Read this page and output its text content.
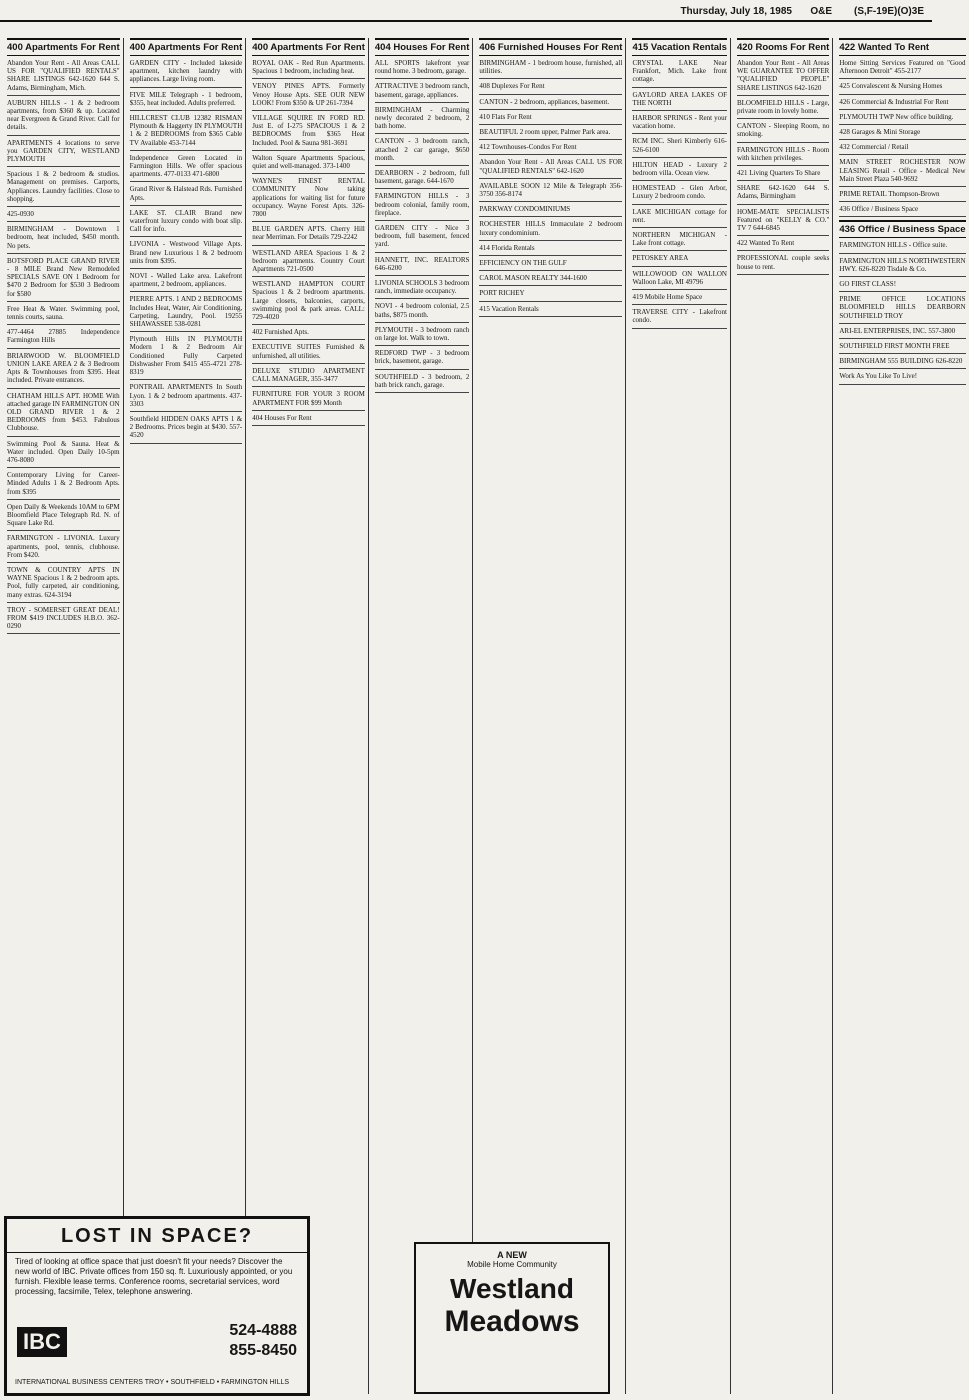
Thursday, July 18, 1985 O&E (S,F-19E)(O)3E
400 Apartments For Rent
Abandon Your Rent - All Areas CALL US FOR "QUALIFIED RENTALS" SHARE LISTINGS 642-1620 644 S. Adams, Birmingham, Mich.
AUBURN HILLS - 1 & 2 bedroom apartments, from $360 & up. Located near Evergreen & Grand River. Call for details.
APARTMENTS 4 locations to serve you GARDEN CITY, WESTLAND PLYMOUTH
Spacious 1 & 2 bedroom & studios. Management on premises. Carports, Appliances. Laundry facilities. Close to shopping.
425-0930
BIRMINGHAM - Downtown 1 bedroom, heat included, $450 month. No pets.
BOTSFORD PLACE GRAND RIVER - 8 MILE Brand New Remodeled SPECIALS SAVE ON 1 Bedroom for $470 2 Bedroom for $530 3 Bedroom for $580
Free Heat & Water. Swimming pool, tennis courts, sauna.
477-4464 27885 Independence Farmington Hills
BRIARWOOD W. BLOOMFIELD UNION LAKE AREA 2 & 3 Bedroom Apts & Townhouses from $395. Heat included. Private entrances.
CHATHAM HILLS APT. HOME With attached garage IN FARMINGTON ON OLD GRAND RIVER 1 & 2 BEDROOMS from $453. Fabulous Clubhouse.
Swimming Pool & Sauna. Heat & Water included. Open Daily 10-5pm 476-8080
Contemporary Living for Career-Minded Adults 1 & 2 Bedroom Apts. from $395
Open Daily & Weekends 10AM to 6PM Bloomfield Place Telegraph Rd. N. of Square Lake Rd.
FARMINGTON - LIVONIA. Luxury apartments, pool, tennis, clubhouse. From $420.
TOWN & COUNTRY APTS IN WAYNE Spacious 1 & 2 bedroom apts. Pool, fully carpeted, air conditioning, many extras. 624-3194
TROY - SOMERSET GREAT DEAL! FROM $419 INCLUDES H.B.O. 362-0290
400 Apartments For Rent
GARDEN CITY - Included lakeside apartment, kitchen laundry with appliances. Large living room.
FIVE MILE Telegraph - 1 bedroom, $355, heat included. Adults preferred.
HILLCREST CLUB 12382 RISMAN Plymouth & Haggerty IN PLYMOUTH 1 & 2 BEDROOMS from $365 Cable TV Available 453-7144
Independence Green Located in Farmington Hills. We offer spacious apartments. 477-0133 471-6800
Grand River & Halstead Rds. Furnished Apts.
LAKE ST. CLAIR Brand new waterfront luxury condo with boat slip. Call for info.
LIVONIA - Westwood Village Apts. Brand new Luxurious 1 & 2 bedroom units from $395.
NOVI - Walled Lake area. Lakefront apartment, 2 bedroom, appliances.
PIERRE APTS. 1 AND 2 BEDROOMS Includes Heat, Water, Air Conditioning, Carpeting, Laundry, Pool. 19255 SHIAWASSEE 538-0281
Plymouth Hills IN PLYMOUTH Modern 1 & 2 Bedroom Air Conditioned Fully Carpeted Dishwasher From $415 455-4721 278-8319
PONTRAIL APARTMENTS In South Lyon. 1 & 2 bedroom apartments. 437-3303
Southfield HIDDEN OAKS APTS 1 & 2 Bedrooms. Prices begin at $430. 557-4520
400 Apartments For Rent
ROYAL OAK - Red Run Apartments. Spacious 1 bedroom, including heat.
VENOY PINES APTS. Formerly Venoy House Apts. SEE OUR NEW LOOK! From $350 & UP 261-7394
VILLAGE SQUIRE IN FORD RD. Just E. of I-275 SPACIOUS 1 & 2 BEDROOMS from $365 Heat Included. Pool & Sauna 981-3691
Walton Square Apartments Spacious, quiet and well-managed. 373-1400
WAYNE'S FINEST RENTAL COMMUNITY Now taking applications for waiting list for future occupancy. Wayne Forest Apts. 326-7800
BLUE GARDEN APTS. Cherry Hill near Merriman. For Details 729-2242
WESTLAND AREA Spacious 1 & 2 bedroom apartments. Country Court Apartments 721-0500
WESTLAND HAMPTON COURT Spacious 1 & 2 bedroom apartments. Large closets, balconies, carports, swimming pool & park areas. CALL: 729-4020
402 Furnished Apts.
EXECUTIVE SUITES Furnished & unfurnished, all utilities.
DELUXE STUDIO APARTMENT CALL MANAGER, 355-3477
FURNITURE FOR YOUR 3 ROOM APARTMENT FOR $99 Month
404 Houses For Rent
404 Houses For Rent
ALL SPORTS lakefront year round home. 3 bedroom, garage.
ATTRACTIVE 3 bedroom ranch, basement, garage, appliances.
BIRMINGHAM - Charming newly decorated 2 bedroom, 2 bath home.
CANTON - 3 bedroom ranch, attached 2 car garage, $650 month.
DEARBORN - 2 bedroom, full basement, garage. 644-1670
FARMINGTON HILLS - 3 bedroom colonial, family room, fireplace.
GARDEN CITY - Nice 3 bedroom, full basement, fenced yard.
HANNETT, INC. REALTORS 646-6200
LIVONIA SCHOOLS 3 bedroom ranch, immediate occupancy.
NOVI - 4 bedroom colonial, 2.5 baths, $875 month.
PLYMOUTH - 3 bedroom ranch on large lot. Walk to town.
REDFORD TWP - 3 bedroom brick, basement, garage.
SOUTHFIELD - 3 bedroom, 2 bath brick ranch, garage.
406 Furnished Houses For Rent
BIRMINGHAM - 1 bedroom house, furnished, all utilities.
408 Duplexes For Rent
CANTON - 2 bedroom, appliances, basement.
410 Flats For Rent
BEAUTIFUL 2 room upper, Palmer Park area.
412 Townhouses-Condos For Rent
Abandon Your Rent - All Areas CALL US FOR "QUALIFIED RENTALS" 642-1620
AVAILABLE SOON 12 Mile & Telegraph 356-3750 356-8174
PARKWAY CONDOMINIUMS
ROCHESTER HILLS Immaculate 2 bedroom luxury condominium.
414 Florida Rentals
EFFICIENCY ON THE GULF
CAROL MASON REALTY 344-1600
PORT RICHEY
415 Vacation Rentals
415 Vacation Rentals
CRYSTAL LAKE Near Frankfort, Mich. Lake front cottage.
GAYLORD AREA LAKES OF THE NORTH
HARBOR SPRINGS - Rent your vacation home.
RCM INC. Sheri Kimberly 616-526-6100
HILTON HEAD - Luxury 2 bedroom villa. Ocean view.
HOMESTEAD - Glen Arbor, Luxury 2 bedroom condo.
LAKE MICHIGAN cottage for rent.
NORTHERN MICHIGAN - Lake front cottage.
PETOSKEY AREA
WILLOWOOD ON WALLON Walloon Lake, MI 49796
419 Mobile Home Space
TRAVERSE CITY - Lakefront condo.
420 Rooms For Rent
Abandon Your Rent - All Areas WE GUARANTEE TO OFFER "QUALIFIED PEOPLE" SHARE LISTINGS 642-1620
BLOOMFIELD HILLS - Large, private room in lovely home.
CANTON - Sleeping Room, no smoking.
FARMINGTON HILLS - Room with kitchen privileges.
421 Living Quarters To Share
SHARE 642-1620 644 S. Adams, Birmingham
HOME-MATE SPECIALISTS Featured on "KELLY & CO." TV 7 644-6845
422 Wanted To Rent
PROFESSIONAL couple seeks house to rent.
422 Wanted To Rent
Home Sitting Services Featured on "Good Afternoon Detroit" 455-2177
425 Convalescent & Nursing Homes
426 Commercial & Industrial For Rent
PLYMOUTH TWP New office building.
428 Garages & Mini Storage
432 Commercial / Retail
MAIN STREET ROCHESTER NOW LEASING Retail - Office - Medical New Main Street Plaza 540-9692
PRIME RETAIL Thompson-Brown
436 Office / Business Space
436 Office / Business Space
FARMINGTON HILLS - Office suite.
FARMINGTON HILLS NORTHWESTERN HWY. 626-8220 Tisdale & Co.
GO FIRST CLASS!
PRIME OFFICE LOCATIONS BLOOMFIELD HILLS DEARBORN SOUTHFIELD TROY
ARI-EL ENTERPRISES, INC. 557-3800
SOUTHFIELD FIRST MONTH FREE
BIRMINGHAM 555 BUILDING 626-8220
Work As You Like To Live!
A NEW
Mobile Home Community
Westland
Meadows
LOST IN SPACE?
Tired of looking at office space that just doesn't fit your needs? Discover the new world of IBC. Private offices from 150 sq. ft. Luxuriously appointed, or you furnish. Flexible lease terms. Conference rooms, secretarial services, word processing, facsimile, Telex, telephone answering.
IBC	524-4888
855-8450
INTERNATIONAL BUSINESS CENTERS TROY • SOUTHFIELD • FARMINGTON HILLS
